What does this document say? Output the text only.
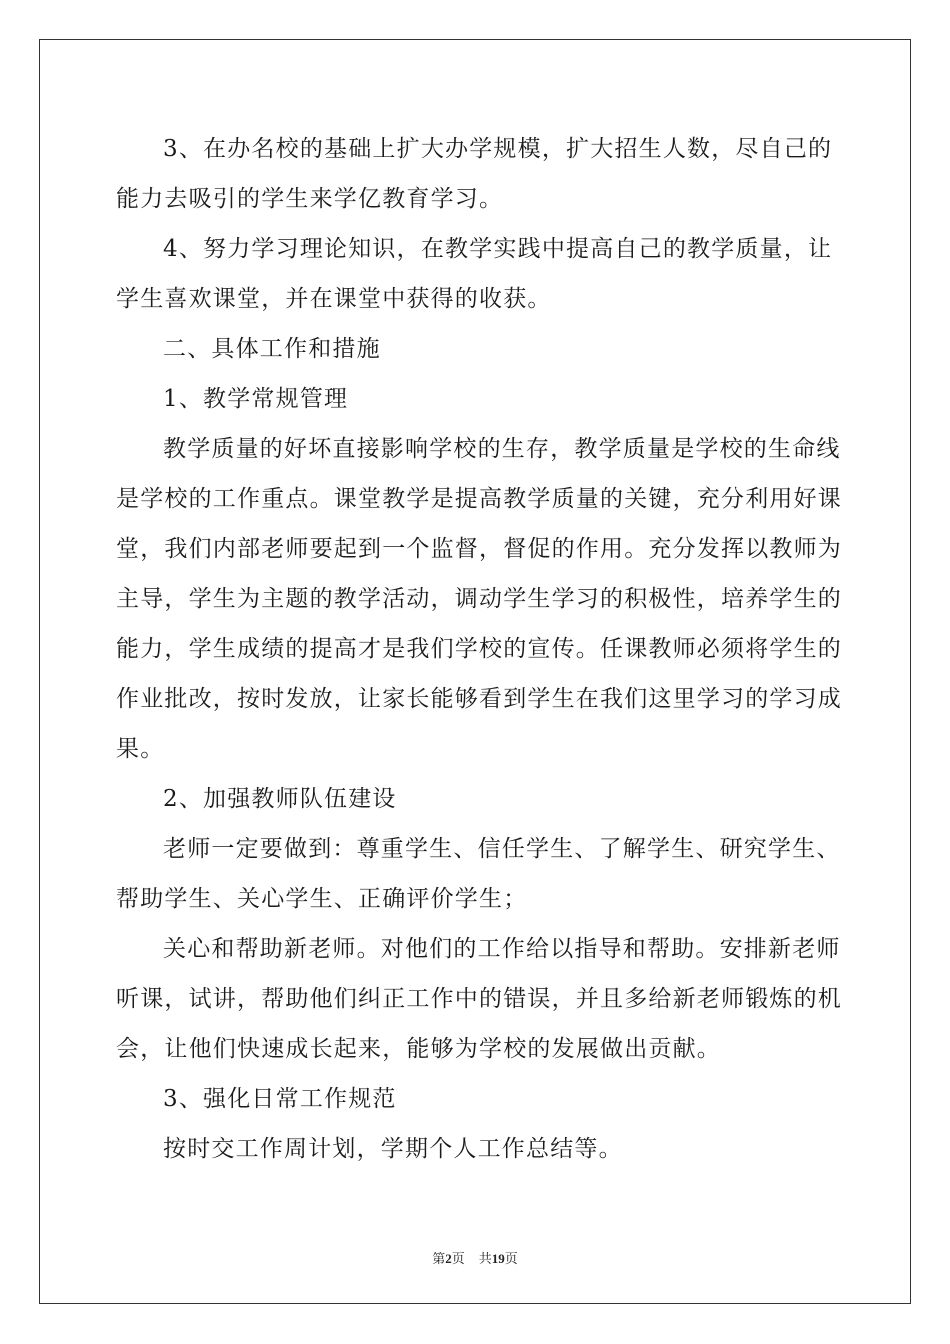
3、在办名校的基础上扩大办学规模，扩大招生人数，尽自己的
能力去吸引的学生来学亿教育学习。
4、努力学习理论知识，在教学实践中提高自己的教学质量，让
学生喜欢课堂，并在课堂中获得的收获。
二、具体工作和措施
1、教学常规管理
教学质量的好坏直接影响学校的生存，教学质量是学校的生命线
是学校的工作重点。课堂教学是提高教学质量的关键，充分利用好课
堂，我们内部老师要起到一个监督，督促的作用。充分发挥以教师为
主导，学生为主题的教学活动，调动学生学习的积极性，培养学生的
能力，学生成绩的提高才是我们学校的宣传。任课教师必须将学生的
作业批改，按时发放，让家长能够看到学生在我们这里学习的学习成
果。
2、加强教师队伍建设
老师一定要做到：尊重学生、信任学生、了解学生、研究学生、
帮助学生、关心学生、正确评价学生；
关心和帮助新老师。对他们的工作给以指导和帮助。安排新老师
听课，试讲，帮助他们纠正工作中的错误，并且多给新老师锻炼的机
会，让他们快速成长起来，能够为学校的发展做出贡献。
3、强化日常工作规范
按时交工作周计划，学期个人工作总结等。
第2页 共19页
